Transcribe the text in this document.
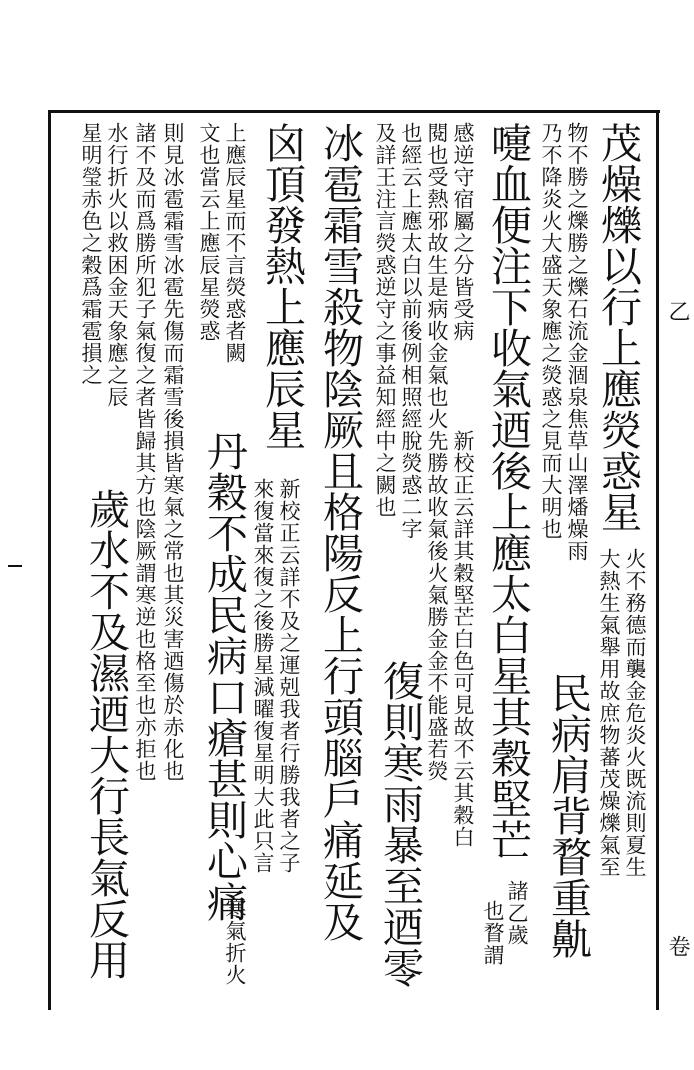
卷
乙
茂燥爍以行上應熒惑星
火不務德而襲金危炎火既流則夏生
大熱生氣舉用故庶物蕃茂燥爍氣至
物不勝之爍勝之爍石流金涸泉焦草山澤燔燥雨
乃不降炎火大盛天象應之熒惑之見而大明也
民病肩背瞀重鼽
嚏血便注下收氣迺後上應太白星其穀堅芒
諸乙歲
也瞀謂
感逆守宿屬之分皆受病
閱也受熱邪故生是病收金氣也火先勝故收氣後火氣勝金金不能盛若熒 新校正云詳其穀堅芒白色可見故不云其穀白
也經云上應太白以前後例相照經脫熒惑二字
及詳王注言熒惑逆守之事益知經中之闕也
復則寒雨暴至迺零
冰雹霜雪殺物陰厥且格陽反上行頭腦戶痛延及
囟頂發熱上應辰星
新校正云詳不及之運剋我者行勝我者之子
來復當來復之後勝星減曜復星明大此只言
上應辰星而不言熒惑者闕
文也當云上應辰星熒惑
丹穀不成民病口瘡甚則心痛
寒氣折火
則見冰雹霜雪冰雹先傷而霜雪後損皆寒氣之常也其災害迺傷於赤化也
諸不及而爲勝所犯子氣復之者皆歸其方也陰厥謂寒逆也格至也亦拒也
水行折火以救困金天象應之辰
星明瑩赤色之穀爲霜雹損之
歲水不及濕迺大行長氣反用
